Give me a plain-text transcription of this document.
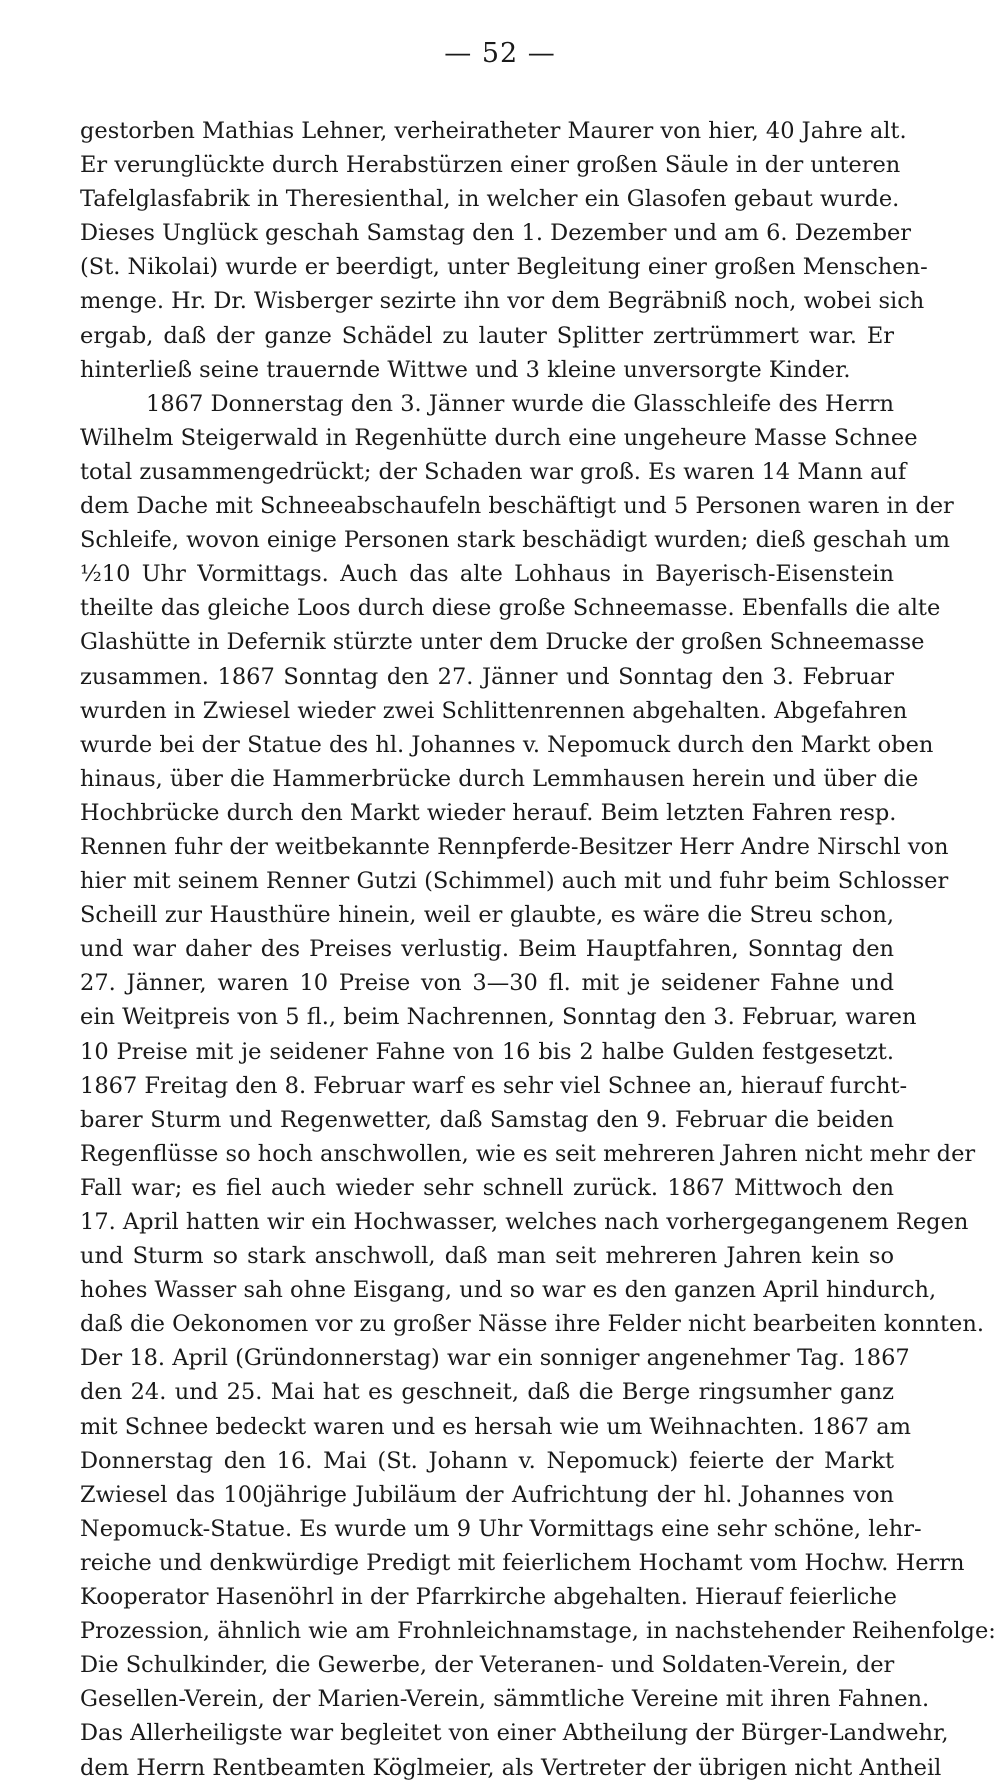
— 52 —
gestorben Mathias Lehner, verheiratheter Maurer von hier, 40 Jahre alt.
Er verunglückte durch Herabstürzen einer großen Säule in der unteren
Tafelglasfabrik in Theresienthal, in welcher ein Glasofen gebaut wurde.
Dieses Unglück geschah Samstag den 1. Dezember und am 6. Dezember
(St. Nikolai) wurde er beerdigt, unter Begleitung einer großen Menschen-
menge. Hr. Dr. Wisberger sezirte ihn vor dem Begräbniß noch, wobei sich
ergab, daß der ganze Schädel zu lauter Splitter zertrümmert war. Er
hinterließ seine trauernde Wittwe und 3 kleine unversorgte Kinder.
1867 Donnerstag den 3. Jänner wurde die Glasschleife des Herrn
Wilhelm Steigerwald in Regenhütte durch eine ungeheure Masse Schnee
total zusammengedrückt; der Schaden war groß. Es waren 14 Mann auf
dem Dache mit Schneeabschaufeln beschäftigt und 5 Personen waren in der
Schleife, wovon einige Personen stark beschädigt wurden; dieß geschah um
½10 Uhr Vormittags. Auch das alte Lohhaus in Bayerisch-Eisenstein
theilte das gleiche Loos durch diese große Schneemasse. Ebenfalls die alte
Glashütte in Defernik stürzte unter dem Drucke der großen Schneemasse
zusammen. 1867 Sonntag den 27. Jänner und Sonntag den 3. Februar
wurden in Zwiesel wieder zwei Schlittenrennen abgehalten. Abgefahren
wurde bei der Statue des hl. Johannes v. Nepomuck durch den Markt oben
hinaus, über die Hammerbrücke durch Lemmhausen herein und über die
Hochbrücke durch den Markt wieder herauf. Beim letzten Fahren resp.
Rennen fuhr der weitbekannte Rennpferde-Besitzer Herr Andre Nirschl von
hier mit seinem Renner Gutzi (Schimmel) auch mit und fuhr beim Schlosser
Scheill zur Hausthüre hinein, weil er glaubte, es wäre die Streu schon,
und war daher des Preises verlustig. Beim Hauptfahren, Sonntag den
27. Jänner, waren 10 Preise von 3—30 fl. mit je seidener Fahne und
ein Weitpreis von 5 fl., beim Nachrennen, Sonntag den 3. Februar, waren
10 Preise mit je seidener Fahne von 16 bis 2 halbe Gulden festgesetzt.
1867 Freitag den 8. Februar warf es sehr viel Schnee an, hierauf furcht-
barer Sturm und Regenwetter, daß Samstag den 9. Februar die beiden
Regenflüsse so hoch anschwollen, wie es seit mehreren Jahren nicht mehr der
Fall war; es fiel auch wieder sehr schnell zurück. 1867 Mittwoch den
17. April hatten wir ein Hochwasser, welches nach vorhergegangenem Regen
und Sturm so stark anschwoll, daß man seit mehreren Jahren kein so
hohes Wasser sah ohne Eisgang, und so war es den ganzen April hindurch,
daß die Oekonomen vor zu großer Nässe ihre Felder nicht bearbeiten konnten.
Der 18. April (Gründonnerstag) war ein sonniger angenehmer Tag. 1867
den 24. und 25. Mai hat es geschneit, daß die Berge ringsumher ganz
mit Schnee bedeckt waren und es hersah wie um Weihnachten. 1867 am
Donnerstag den 16. Mai (St. Johann v. Nepomuck) feierte der Markt
Zwiesel das 100jährige Jubiläum der Aufrichtung der hl. Johannes von
Nepomuck-Statue. Es wurde um 9 Uhr Vormittags eine sehr schöne, lehr-
reiche und denkwürdige Predigt mit feierlichem Hochamt vom Hochw. Herrn
Kooperator Hasenöhrl in der Pfarrkirche abgehalten. Hierauf feierliche
Prozession, ähnlich wie am Frohnleichnamstage, in nachstehender Reihenfolge:
Die Schulkinder, die Gewerbe, der Veteranen- und Soldaten-Verein, der
Gesellen-Verein, der Marien-Verein, sämmtliche Vereine mit ihren Fahnen.
Das Allerheiligste war begleitet von einer Abtheilung der Bürger-Landwehr,
dem Herrn Rentbeamten Köglmeier, als Vertreter der übrigen nicht Antheil
